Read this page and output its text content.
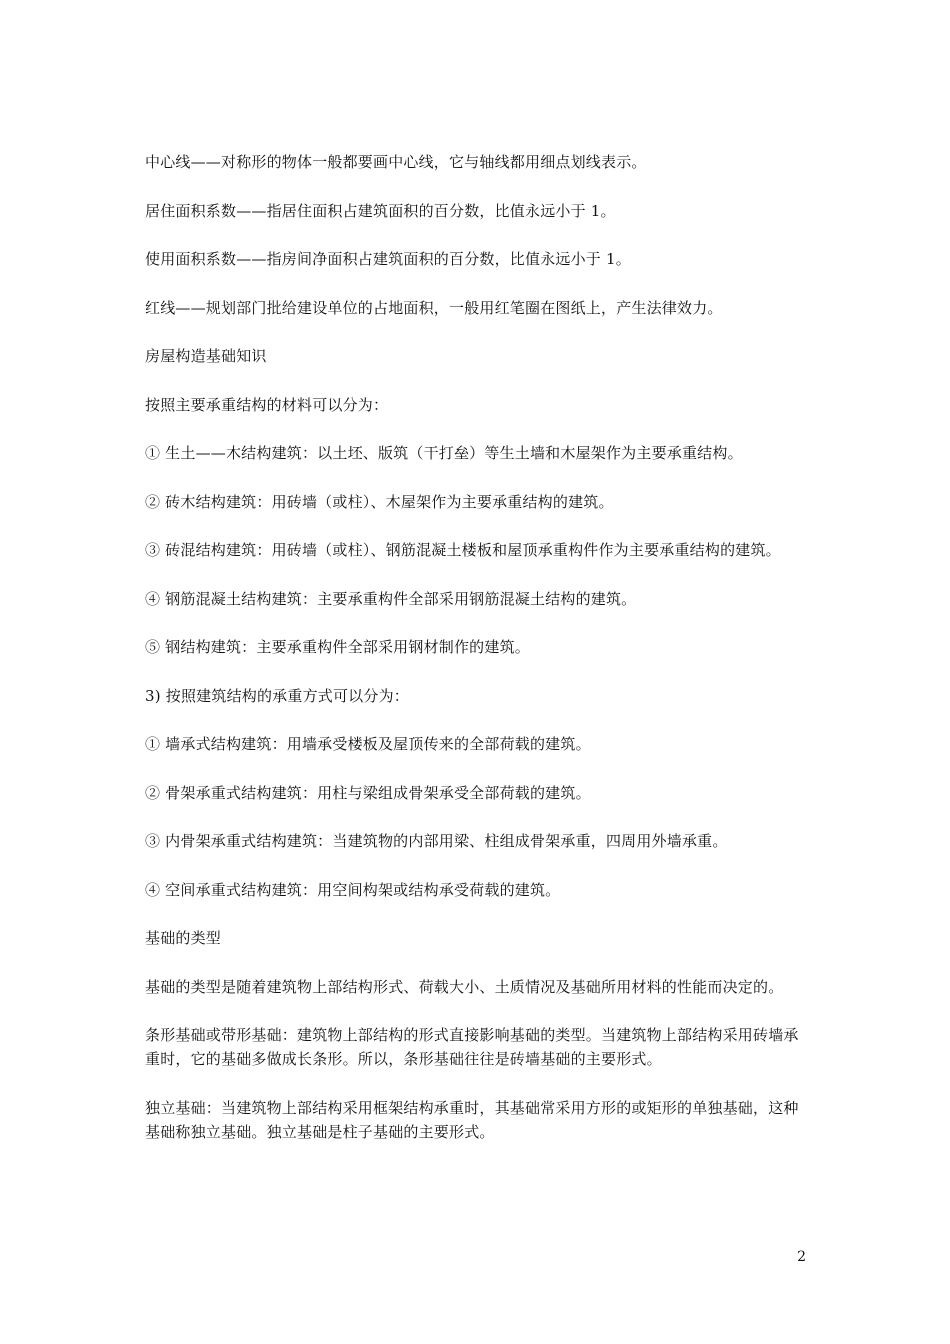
中心线——对称形的物体一般都要画中心线，它与轴线都用细点划线表示。

居住面积系数——指居住面积占建筑面积的百分数，比值永远小于 1。

使用面积系数——指房间净面积占建筑面积的百分数，比值永远小于 1。

红线——规划部门批给建设单位的占地面积，一般用红笔圈在图纸上，产生法律效力。

房屋构造基础知识

按照主要承重结构的材料可以分为：

① 生土——木结构建筑：以土坯、版筑（干打垒）等生土墙和木屋架作为主要承重结构。

② 砖木结构建筑：用砖墙（或柱）、木屋架作为主要承重结构的建筑。

③ 砖混结构建筑：用砖墙（或柱）、钢筋混凝土楼板和屋顶承重构件作为主要承重结构的建筑。

④ 钢筋混凝土结构建筑：主要承重构件全部采用钢筋混凝土结构的建筑。

⑤ 钢结构建筑：主要承重构件全部采用钢材制作的建筑。

3) 按照建筑结构的承重方式可以分为：

① 墙承式结构建筑：用墙承受楼板及屋顶传来的全部荷载的建筑。

② 骨架承重式结构建筑：用柱与梁组成骨架承受全部荷载的建筑。

③ 内骨架承重式结构建筑：当建筑物的内部用梁、柱组成骨架承重，四周用外墙承重。

④ 空间承重式结构建筑：用空间构架或结构承受荷载的建筑。

基础的类型

基础的类型是随着建筑物上部结构形式、荷载大小、土质情况及基础所用材料的性能而决定的。

条形基础或带形基础：建筑物上部结构的形式直接影响基础的类型。当建筑物上部结构采用砖墙承重时，它的基础多做成长条形。所以，条形基础往往是砖墙基础的主要形式。

独立基础：当建筑物上部结构采用框架结构承重时，其基础常采用方形的或矩形的单独基础，这种基础称独立基础。独立基础是柱子基础的主要形式。

2
